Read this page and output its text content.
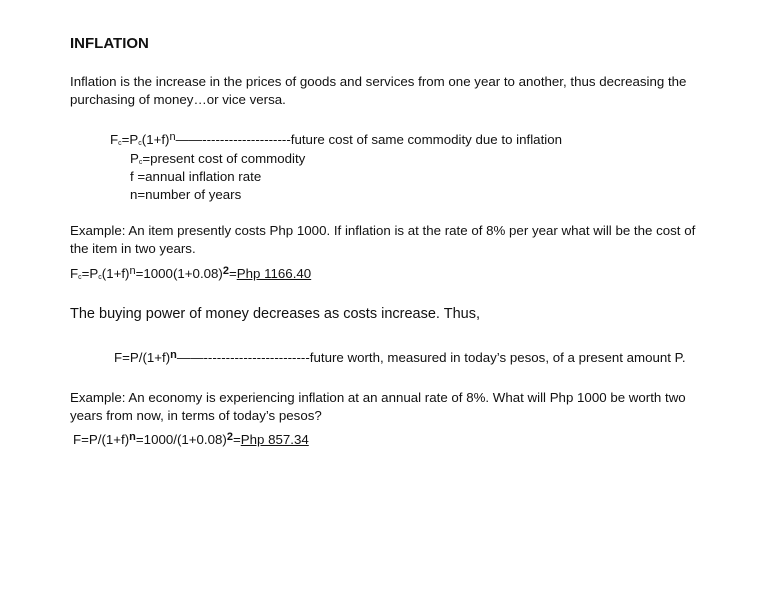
INFLATION
Inflation is the increase in the prices of goods and services from one year to another, thus decreasing the purchasing of money…or vice versa.
$F_c=P_c(1+f)^n——-------------------$-future cost of same commodity due to inflation
$P_c=present$ cost of commodity
f =annual inflation rate
n=number of years
Example: An item presently costs Php 1000. If inflation is at the rate of 8% per year what will be the cost of the item in two years.
$F_c=P_c(1+f)^n=1000(1+0.08)^2=Php$ 1166.40
The buying power of money decreases as costs increase. Thus,
$F=P/(1+f)^n——-----------------------$-future worth, measured in today’s pesos, of a present amount P.
Example: An economy is experiencing inflation at an annual rate of 8%. What will Php 1000 be worth two years from now, in terms of today’s pesos?
$F=P/(1+f)^n=1000/(1+0.08)^2=Php$ 857.34
